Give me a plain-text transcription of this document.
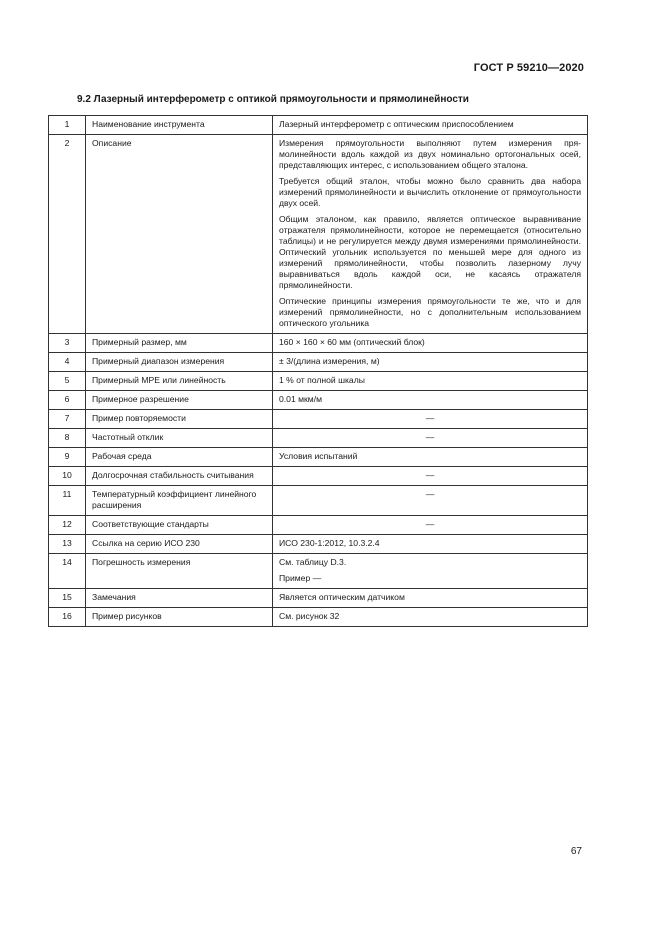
ГОСТ Р 59210—2020
9.2 Лазерный интерферометр с оптикой прямоугольности и прямолинейности
1	Наименование инструмента	Лазерный интерферометр с оптическим приспособлением
2	Описание	Измерения прямоугольности выполняют путем измерения прямолинейности вдоль каждой из двух номинально ортогональных осей, представляющих интерес, с использованием общего эталона.
Требуется общий эталон, чтобы можно было сравнить два набора измерений прямолинейности и вычислить отклонение от прямоугольности двух осей.
Общим эталоном, как правило, является оптическое выравнивание отражателя прямолинейности, которое не перемещается (относительно таблицы) и не регулируется между двумя измерениями прямолинейности. Оптический угольник используется по меньшей мере для одного из измерений прямолинейности, чтобы позволить лазерному лучу выравниваться вдоль каждой оси, не касаясь отражателя прямолинейности.
Оптические принципы измерения прямоугольности те же, что и для измерений прямолинейности, но с дополнительным использованием оптического угольника

3	Примерный размер, мм	160 × 160 × 60 мм (оптический блок)
4	Примерный диапазон измерения	± 3/(длина измерения, м)
5	Примерный MPE или линейность	1 % от полной шкалы
6	Примерное разрешение	0.01 мкм/м
7	Пример повторяемости	—
8	Частотный отклик	—
9	Рабочая среда	Условия испытаний
10	Долгосрочная стабильность считывания	—
11	Температурный коэффициент линейного расширения	—
12	Соответствующие стандарты	—
13	Ссылка на серию ИСО 230	ИСО 230-1:2012, 10.3.2.4
14	Погрешность измерения	См. таблицу D.3.
Пример —

15	Замечания	Является оптическим датчиком
16	Пример рисунков	См. рисунок 32
67
